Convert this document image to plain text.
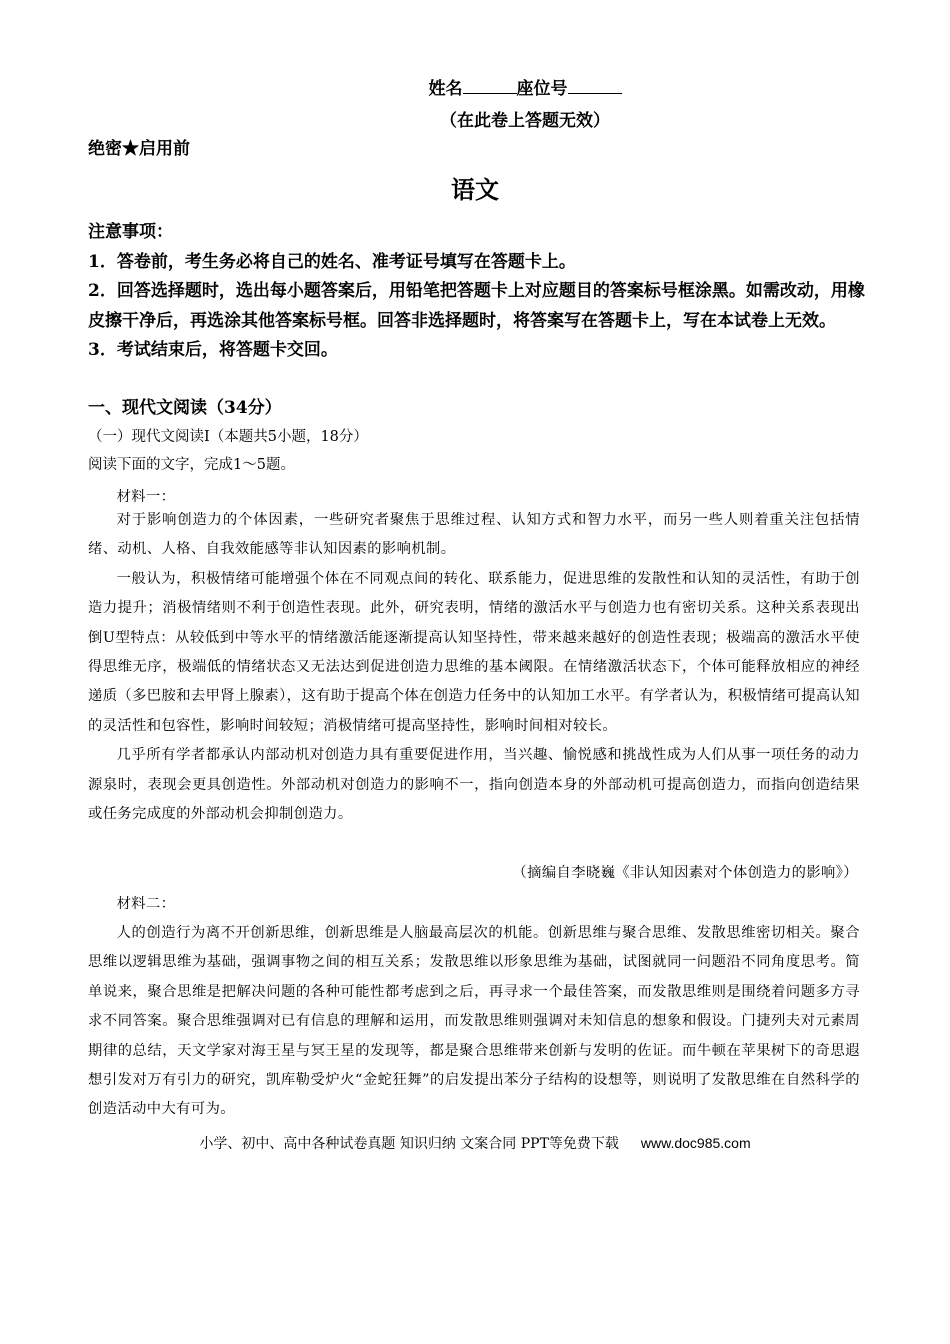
姓名	座位号
（在此卷上答题无效）
绝密★启用前
语文

注意事项：

1．答卷前，考生务必将自己的姓名、准考证号填写在答题卡上。

2．回答选择题时，选出每小题答案后，用铅笔把答题卡上对应题目的答案标号框涂黑。如需改动，用橡皮擦干净后，再选涂其他答案标号框。回答非选择题时，将答案写在答题卡上，写在本试卷上无效。

3．考试结束后，将答题卡交回。

一、现代文阅读（34分）
（一）现代文阅读Ⅰ（本题共5小题，18分）
阅读下面的文字，完成1～5题。

材料一：

对于影响创造力的个体因素，一些研究者聚焦于思维过程、认知方式和智力水平，而另一些人则着重关注包括情绪、动机、人格、自我效能感等非认知因素的影响机制。

一般认为，积极情绪可能增强个体在不同观点间的转化、联系能力，促进思维的发散性和认知的灵活性，有助于创造力提升；消极情绪则不利于创造性表现。此外，研究表明，情绪的激活水平与创造力也有密切关系。这种关系表现出倒U型特点：从较低到中等水平的情绪激活能逐渐提高认知坚持性，带来越来越好的创造性表现；极端高的激活水平使得思维无序，极端低的情绪状态又无法达到促进创造力思维的基本阈限。在情绪激活状态下，个体可能释放相应的神经递质（多巴胺和去甲肾上腺素），这有助于提高个体在创造力任务中的认知加工水平。有学者认为，积极情绪可提高认知的灵活性和包容性，影响时间较短；消极情绪可提高坚持性，影响时间相对较长。

几乎所有学者都承认内部动机对创造力具有重要促进作用，当兴趣、愉悦感和挑战性成为人们从事一项任务的动力源泉时，表现会更具创造性。外部动机对创造力的影响不一，指向创造本身的外部动机可提高创造力，而指向创造结果或任务完成度的外部动机会抑制创造力。

（摘编自李晓巍《非认知因素对个体创造力的影响》）

材料二：

人的创造行为离不开创新思维，创新思维是人脑最高层次的机能。创新思维与聚合思维、发散思维密切相关。聚合思维以逻辑思维为基础，强调事物之间的相互关系；发散思维以形象思维为基础，试图就同一问题沿不同角度思考。简单说来，聚合思维是把解决问题的各种可能性都考虑到之后，再寻求一个最佳答案，而发散思维则是围绕着问题多方寻求不同答案。聚合思维强调对已有信息的理解和运用，而发散思维则强调对未知信息的想象和假设。门捷列夫对元素周期律的总结，天文学家对海王星与冥王星的发现等，都是聚合思维带来创新与发明的佐证。而牛顿在苹果树下的奇思遐想引发对万有引力的研究，凯库勒受炉火“金蛇狂舞”的启发提出苯分子结构的设想等，则说明了发散思维在自然科学的创造活动中大有可为。

小学、初中、高中各种试卷真题 知识归纳 文案合同 PPT等免费下载 www.doc985.com
